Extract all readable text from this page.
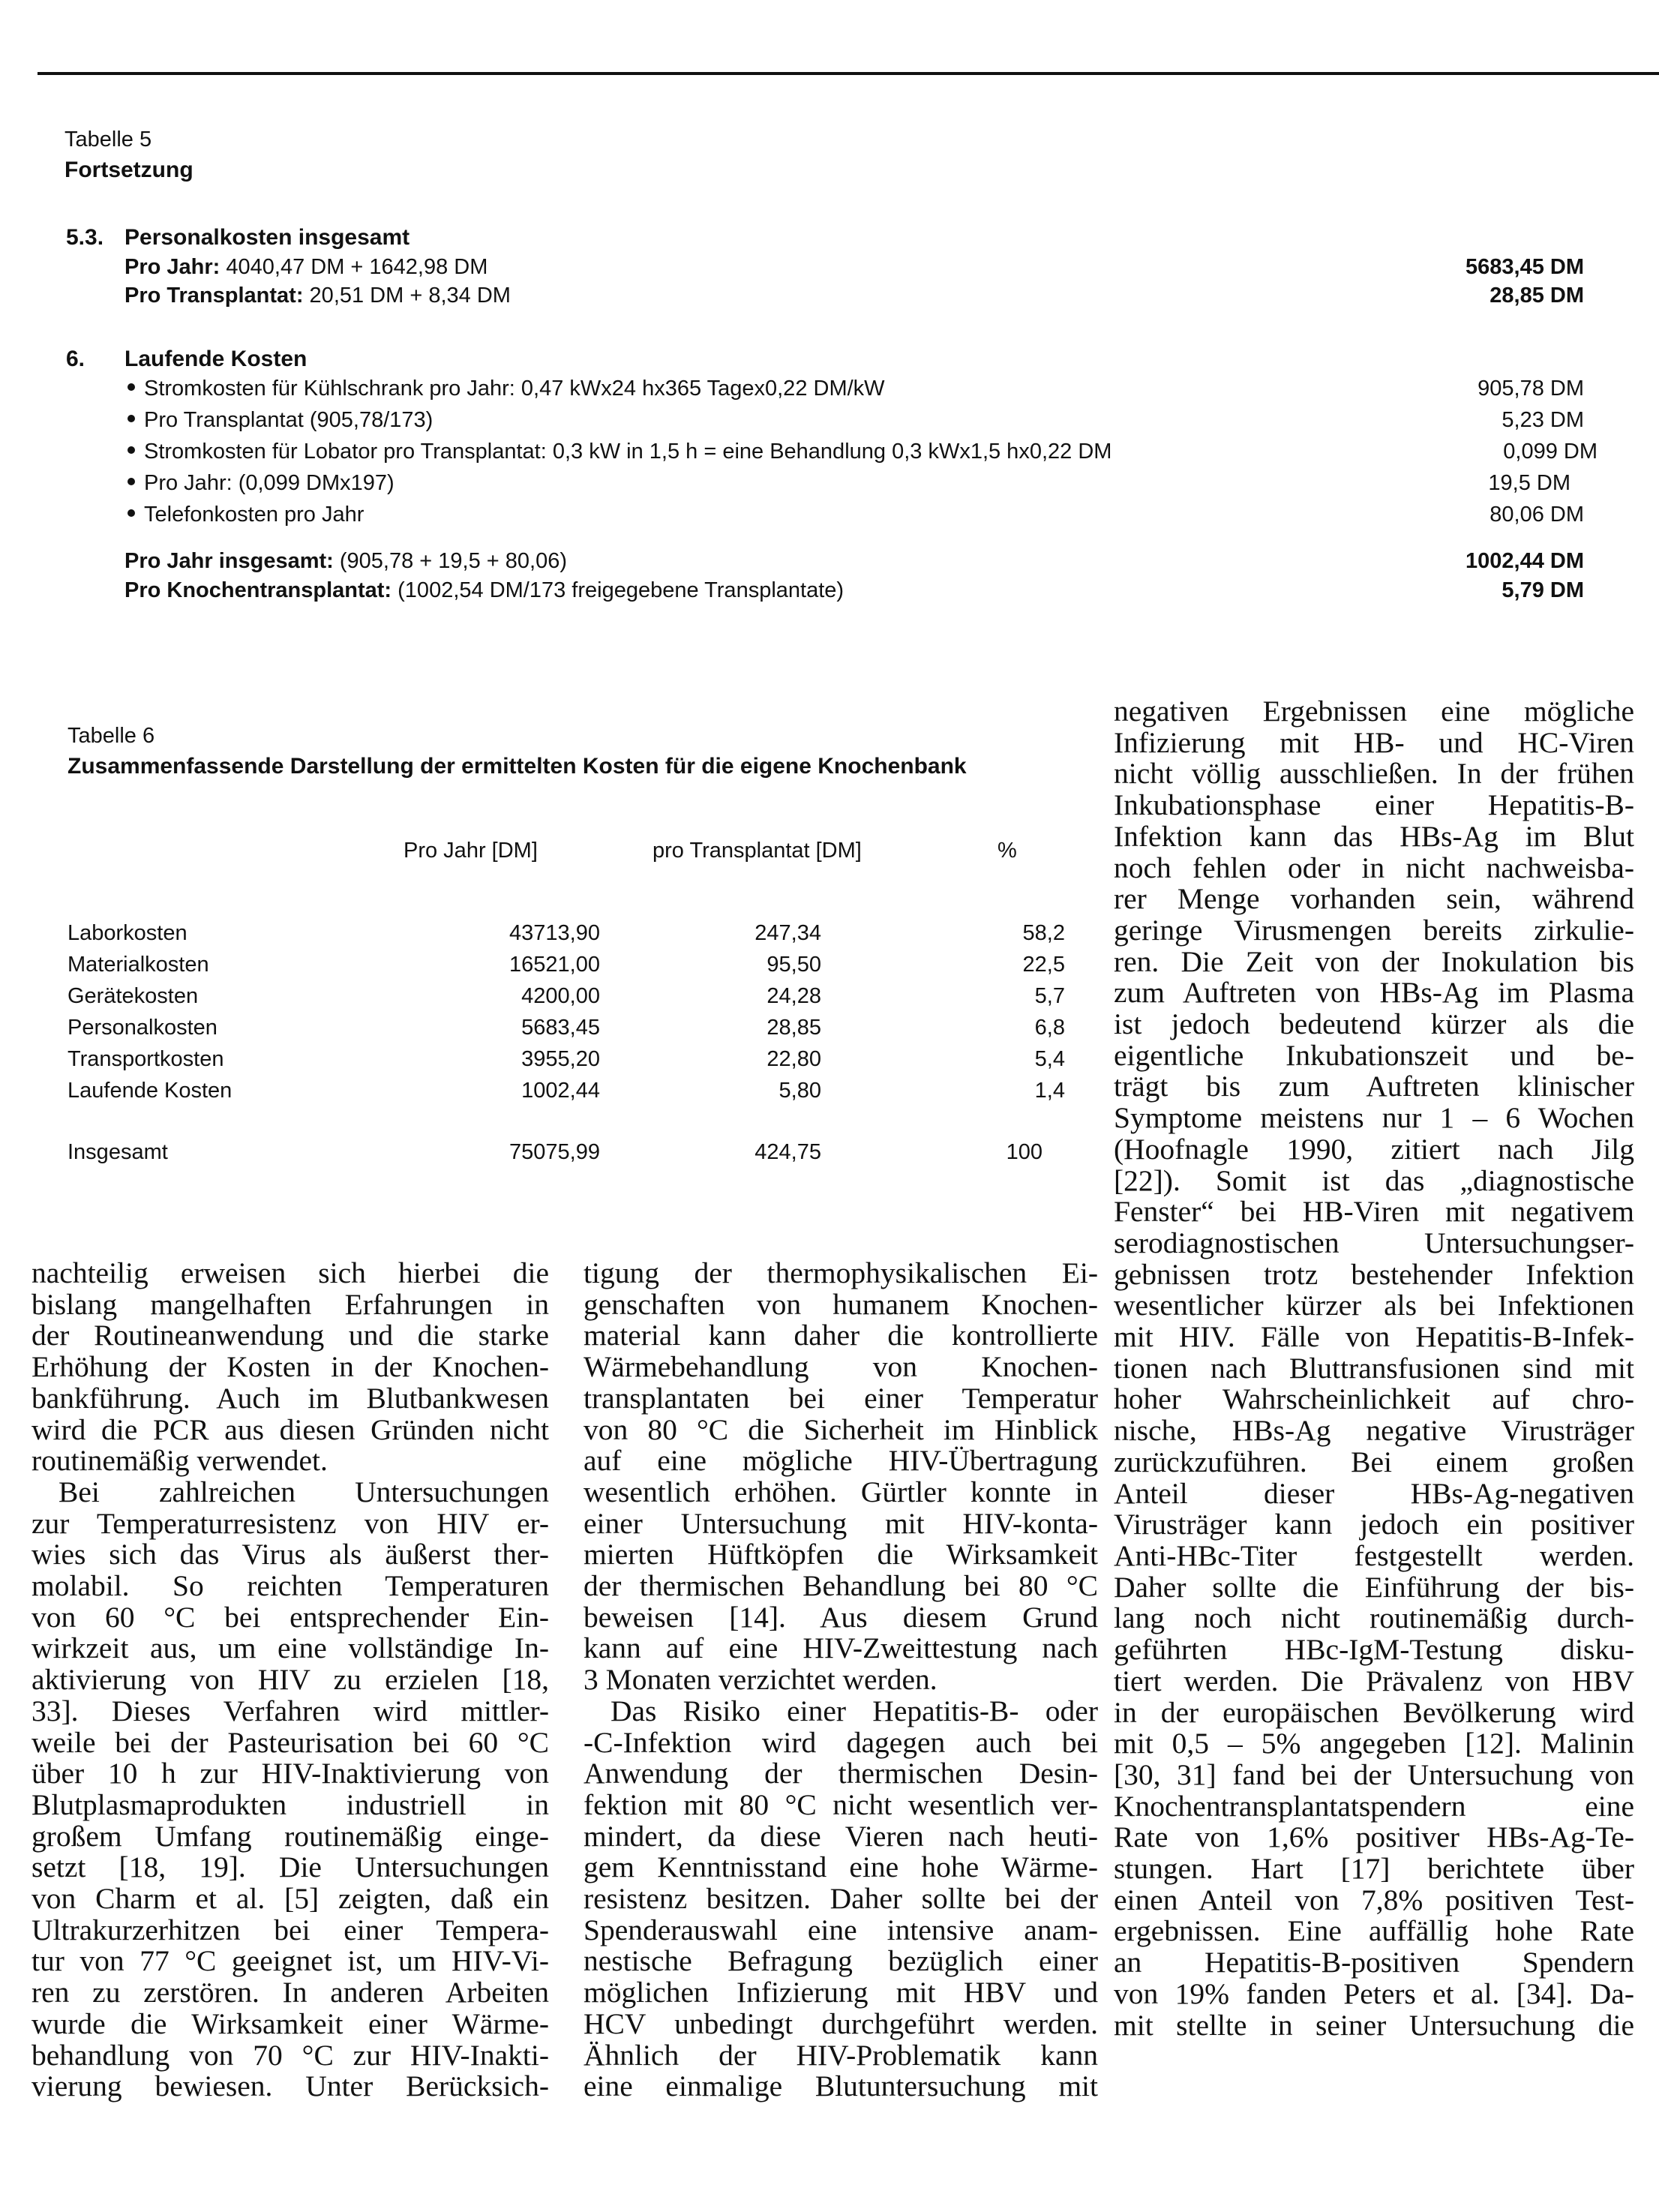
Tabelle 5
Fortsetzung
5.3. Personalkosten insgesamt
Pro Jahr: 4040,47 DM + 1642,98 DM	5683,45 DM
Pro Transplantat: 20,51 DM + 8,34 DM	28,85 DM
6. Laufende Kosten
Stromkosten für Kühlschrank pro Jahr: 0,47 kWx24 hx365 Tagex0,22 DM/kW	905,78 DM
Pro Transplantat (905,78/173)	5,23 DM
Stromkosten für Lobator pro Transplantat: 0,3 kW in 1,5 h = eine Behandlung 0,3 kWx1,5 hx0,22 DM	0,099 DM
Pro Jahr: (0,099 DMx197)	19,5 DM
Telefonkosten pro Jahr	80,06 DM
Pro Jahr insgesamt: (905,78 + 19,5 + 80,06)	1002,44 DM
Pro Knochentransplantat: (1002,54 DM/173 freigegebene Transplantate)	5,79 DM
Tabelle 6
Zusammenfassende Darstellung der ermittelten Kosten für die eigene Knochenbank
Pro Jahr [DM]	pro Transplantat [DM]	%
Laborkosten	43713,90	247,34	58,2
Materialkosten	16521,00	95,50	22,5
Gerätekosten	4200,00	24,28	5,7
Personalkosten	5683,45	28,85	6,8
Transportkosten	3955,20	22,80	5,4
Laufende Kosten	1002,44	5,80	1,4
Insgesamt	75075,99	424,75	100
nachteilig erweisen sich hierbei die
bislang mangelhaften Erfahrungen in
der Routineanwendung und die starke
Erhöhung der Kosten in der Knochen-
bankführung. Auch im Blutbankwesen
wird die PCR aus diesen Gründen nicht
routinemäßig verwendet.
Bei zahlreichen Untersuchungen
zur Temperaturresistenz von HIV er-
wies sich das Virus als äußerst ther-
molabil. So reichten Temperaturen
von 60 °C bei entsprechender Ein-
wirkzeit aus, um eine vollständige In-
aktivierung von HIV zu erzielen [18,
33]. Dieses Verfahren wird mittler-
weile bei der Pasteurisation bei 60 °C
über 10 h zur HIV-Inaktivierung von
Blutplasmaprodukten industriell in
großem Umfang routinemäßig einge-
setzt [18, 19]. Die Untersuchungen
von Charm et al. [5] zeigten, daß ein
Ultrakurzerhitzen bei einer Tempera-
tur von 77 °C geeignet ist, um HIV-Vi-
ren zu zerstören. In anderen Arbeiten
wurde die Wirksamkeit einer Wärme-
behandlung von 70 °C zur HIV-Inakti-
vierung bewiesen. Unter Berücksich-
tigung der thermophysikalischen Ei-
genschaften von humanem Knochen-
material kann daher die kontrollierte
Wärmebehandlung von Knochen-
transplantaten bei einer Temperatur
von 80 °C die Sicherheit im Hinblick
auf eine mögliche HIV-Übertragung
wesentlich erhöhen. Gürtler konnte in
einer Untersuchung mit HIV-konta-
mierten Hüftköpfen die Wirksamkeit
der thermischen Behandlung bei 80 °C
beweisen [14]. Aus diesem Grund
kann auf eine HIV-Zweittestung nach
3 Monaten verzichtet werden.
Das Risiko einer Hepatitis-B- oder
-C-Infektion wird dagegen auch bei
Anwendung der thermischen Desin-
fektion mit 80 °C nicht wesentlich ver-
mindert, da diese Vieren nach heuti-
gem Kenntnisstand eine hohe Wärme-
resistenz besitzen. Daher sollte bei der
Spenderauswahl eine intensive anam-
nestische Befragung bezüglich einer
möglichen Infizierung mit HBV und
HCV unbedingt durchgeführt werden.
Ähnlich der HIV-Problematik kann
eine einmalige Blutuntersuchung mit
negativen Ergebnissen eine mögliche
Infizierung mit HB- und HC-Viren
nicht völlig ausschließen. In der frühen
Inkubationsphase einer Hepatitis-B-
Infektion kann das HBs-Ag im Blut
noch fehlen oder in nicht nachweisba-
rer Menge vorhanden sein, während
geringe Virusmengen bereits zirkulie-
ren. Die Zeit von der Inokulation bis
zum Auftreten von HBs-Ag im Plasma
ist jedoch bedeutend kürzer als die
eigentliche Inkubationszeit und be-
trägt bis zum Auftreten klinischer
Symptome meistens nur 1 – 6 Wochen
(Hoofnagle 1990, zitiert nach Jilg
[22]). Somit ist das „diagnostische
Fenster“ bei HB-Viren mit negativem
serodiagnostischen Untersuchungser-
gebnissen trotz bestehender Infektion
wesentlicher kürzer als bei Infektionen
mit HIV. Fälle von Hepatitis-B-Infek-
tionen nach Bluttransfusionen sind mit
hoher Wahrscheinlichkeit auf chro-
nische, HBs-Ag negative Virusträger
zurückzuführen. Bei einem großen
Anteil dieser HBs-Ag-negativen
Virusträger kann jedoch ein positiver
Anti-HBc-Titer festgestellt werden.
Daher sollte die Einführung der bis-
lang noch nicht routinemäßig durch-
geführten HBc-IgM-Testung disku-
tiert werden. Die Prävalenz von HBV
in der europäischen Bevölkerung wird
mit 0,5 – 5% angegeben [12]. Malinin
[30, 31] fand bei der Untersuchung von
Knochentransplantatspendern eine
Rate von 1,6% positiver HBs-Ag-Te-
stungen. Hart [17] berichtete über
einen Anteil von 7,8% positiven Test-
ergebnissen. Eine auffällig hohe Rate
an Hepatitis-B-positiven Spendern
von 19% fanden Peters et al. [34]. Da-
mit stellte in seiner Untersuchung die
